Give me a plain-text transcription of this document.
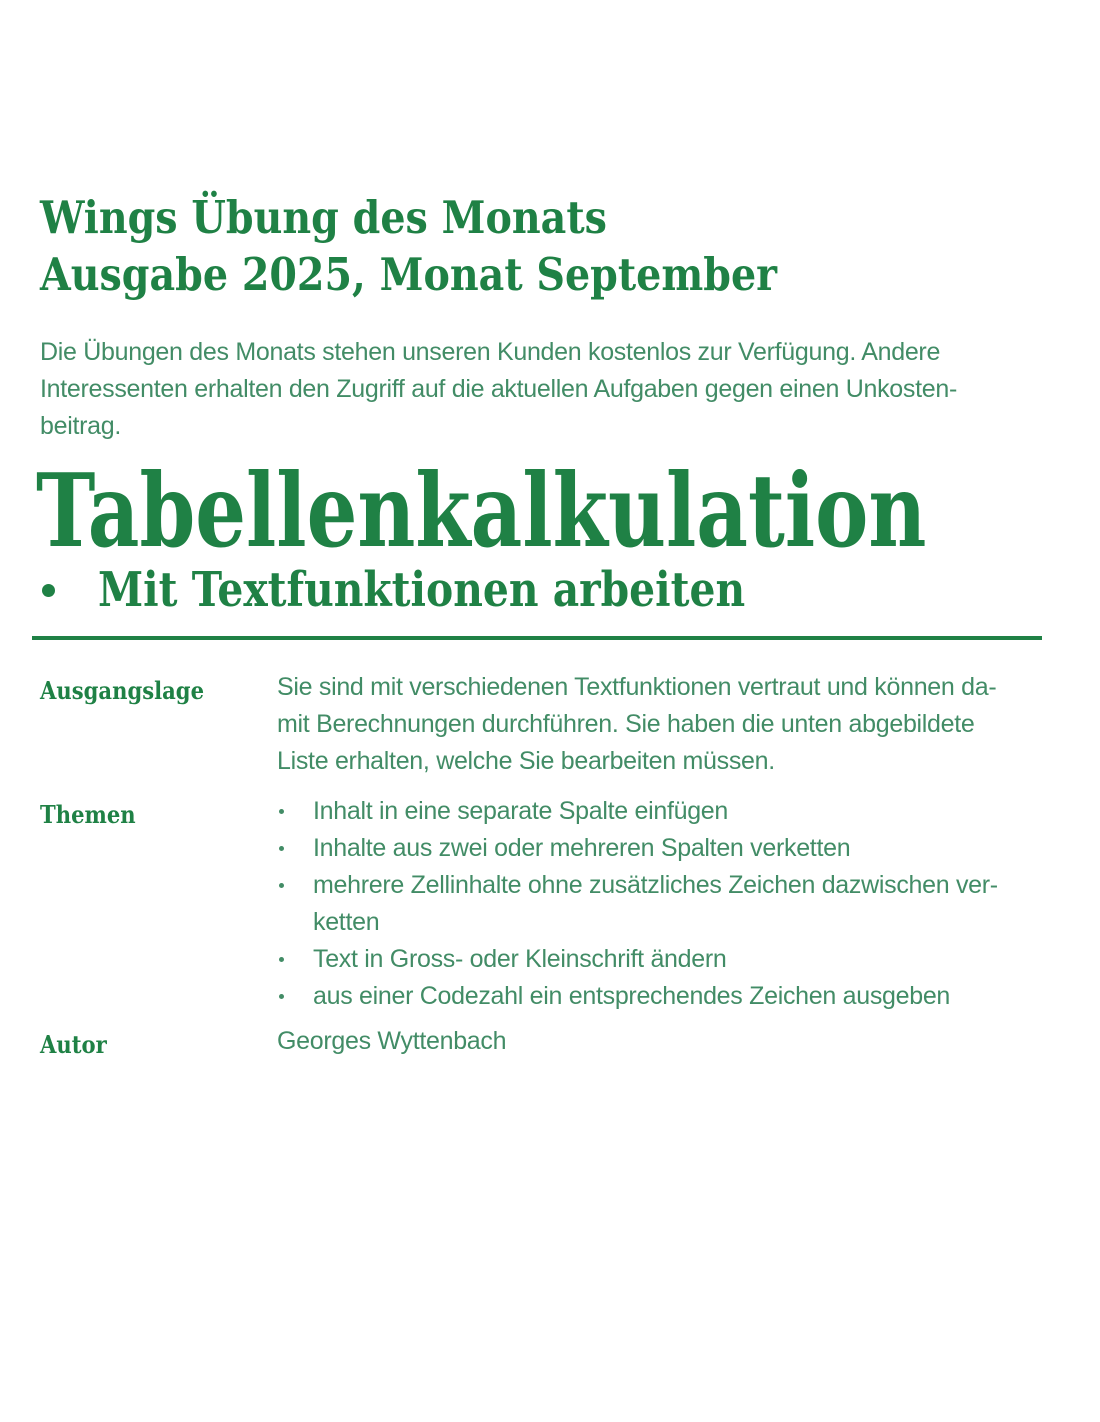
Wings Übung des Monats
Ausgabe 2025, Monat September

Die Übungen des Monats stehen unseren Kunden kostenlos zur Verfügung. Andere
Interessenten erhalten den Zugriff auf die aktuellen Aufgaben gegen einen Unkosten-
beitrag.

Tabellenkalkulation
Mit Textfunktionen arbeiten
Ausgangslage	Sie sind mit verschiedenen Textfunktionen vertraut und können da-
mit Berechnungen durchführen. Sie haben die unten abgebildete
Liste erhalten, welche Sie bearbeiten müssen.
Themen	Inhalt in eine separate Spalte einfügen
Inhalte aus zwei oder mehreren Spalten verketten
mehrere Zellinhalte ohne zusätzliches Zeichen dazwischen ver-
ketten
Text in Gross- oder Kleinschrift ändern
aus einer Codezahl ein entsprechendes Zeichen ausgeben
Autor	Georges Wyttenbach
